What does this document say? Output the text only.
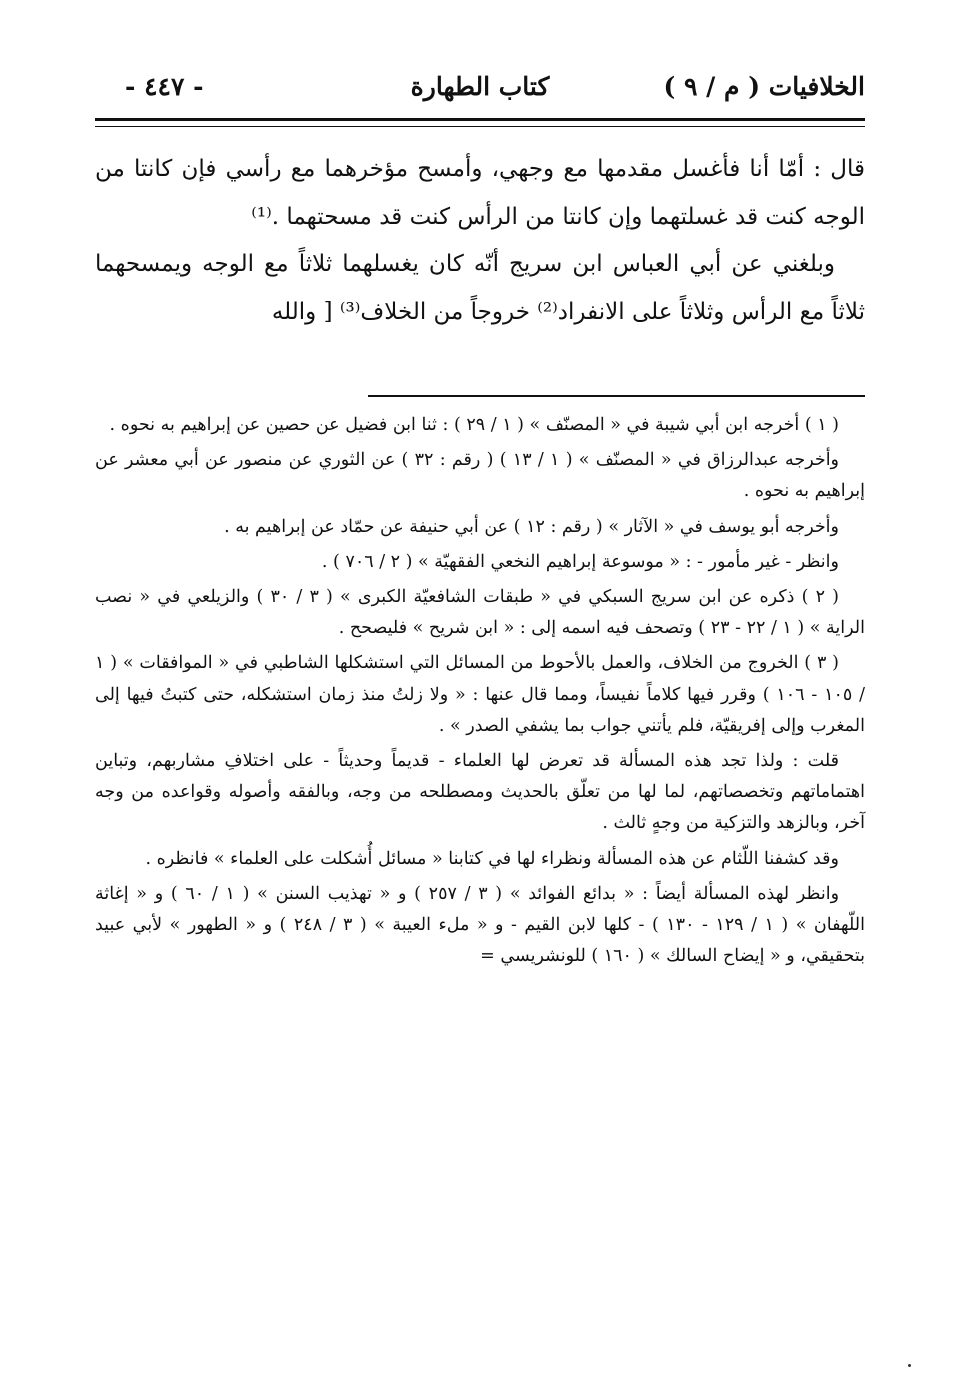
الخلافيات ( م / ٩ )
كتاب الطهارة
- ٤٤٧ -

قال : أمّا أنا فأغسل مقدمها مع وجهي، وأمسح مؤخرهما مع رأسي فإن كانتا من الوجه كنت قد غسلتهما وإن كانتا من الرأس كنت قد مسحتهما .⁽¹⁾

وبلغني عن أبي العباس ابن سريج أنّه كان يغسلهما ثلاثاً مع الوجه ويمسحهما ثلاثاً مع الرأس وثلاثاً على الانفراد⁽²⁾ خروجاً من الخلاف⁽³⁾ [ والله

( ١ ) أخرجه ابن أبي شيبة في « المصنّف » ( ١ / ٢٩ ) : ثنا ابن فضيل عن حصين عن إبراهيم به نحوه .

وأخرجه عبدالرزاق في « المصنّف » ( ١ / ١٣ ) ( رقم : ٣٢ ) عن الثوري عن منصور عن أبي معشر عن إبراهيم به نحوه .

وأخرجه أبو يوسف في « الآثار » ( رقم : ١٢ ) عن أبي حنيفة عن حمّاد عن إبراهيم به .

وانظر - غير مأمور - : « موسوعة إبراهيم النخعي الفقهيّة » ( ٢ / ٧٠٦ ) .

( ٢ ) ذكره عن ابن سريج السبكي في « طبقات الشافعيّة الكبرى » ( ٣ / ٣٠ ) والزيلعي في « نصب الراية » ( ١ / ٢٢ - ٢٣ ) وتصحف فيه اسمه إلى : « ابن شريح » فليصحح .

( ٣ ) الخروج من الخلاف، والعمل بالأحوط من المسائل التي استشكلها الشاطبي في « الموافقات » ( ١ / ١٠٥ - ١٠٦ ) وقرر فيها كلاماً نفيساً، ومما قال عنها : « ولا زلتُ منذ زمان استشكله، حتى كتبتُ فيها إلى المغرب وإلى إفريقيّة، فلم يأتني جواب بما يشفي الصدر » .

قلت : ولذا تجد هذه المسألة قد تعرض لها العلماء - قديماً وحديثاً - على اختلافِ مشاربهم، وتباين اهتماماتهم وتخصصاتهم، لما لها من تعلّق بالحديث ومصطلحه من وجه، وبالفقه وأصوله وقواعده من وجه آخر، وبالزهد والتزكية من وجهٍ ثالث .

وقد كشفنا اللّثام عن هذه المسألة ونظراء لها في كتابنا « مسائل أُشكلت على العلماء » فانظره .

وانظر لهذه المسألة أيضاً : « بدائع الفوائد » ( ٣ / ٢٥٧ ) و « تهذيب السنن » ( ١ / ٦٠ ) و « إغاثة اللّهفان » ( ١ / ١٢٩ - ١٣٠ ) - كلها لابن القيم - و « ملء العيبة » ( ٣ / ٢٤٨ ) و « الطهور » لأبي عبيد بتحقيقي، و « إيضاح السالك » ( ١٦٠ ) للونشريسي =
